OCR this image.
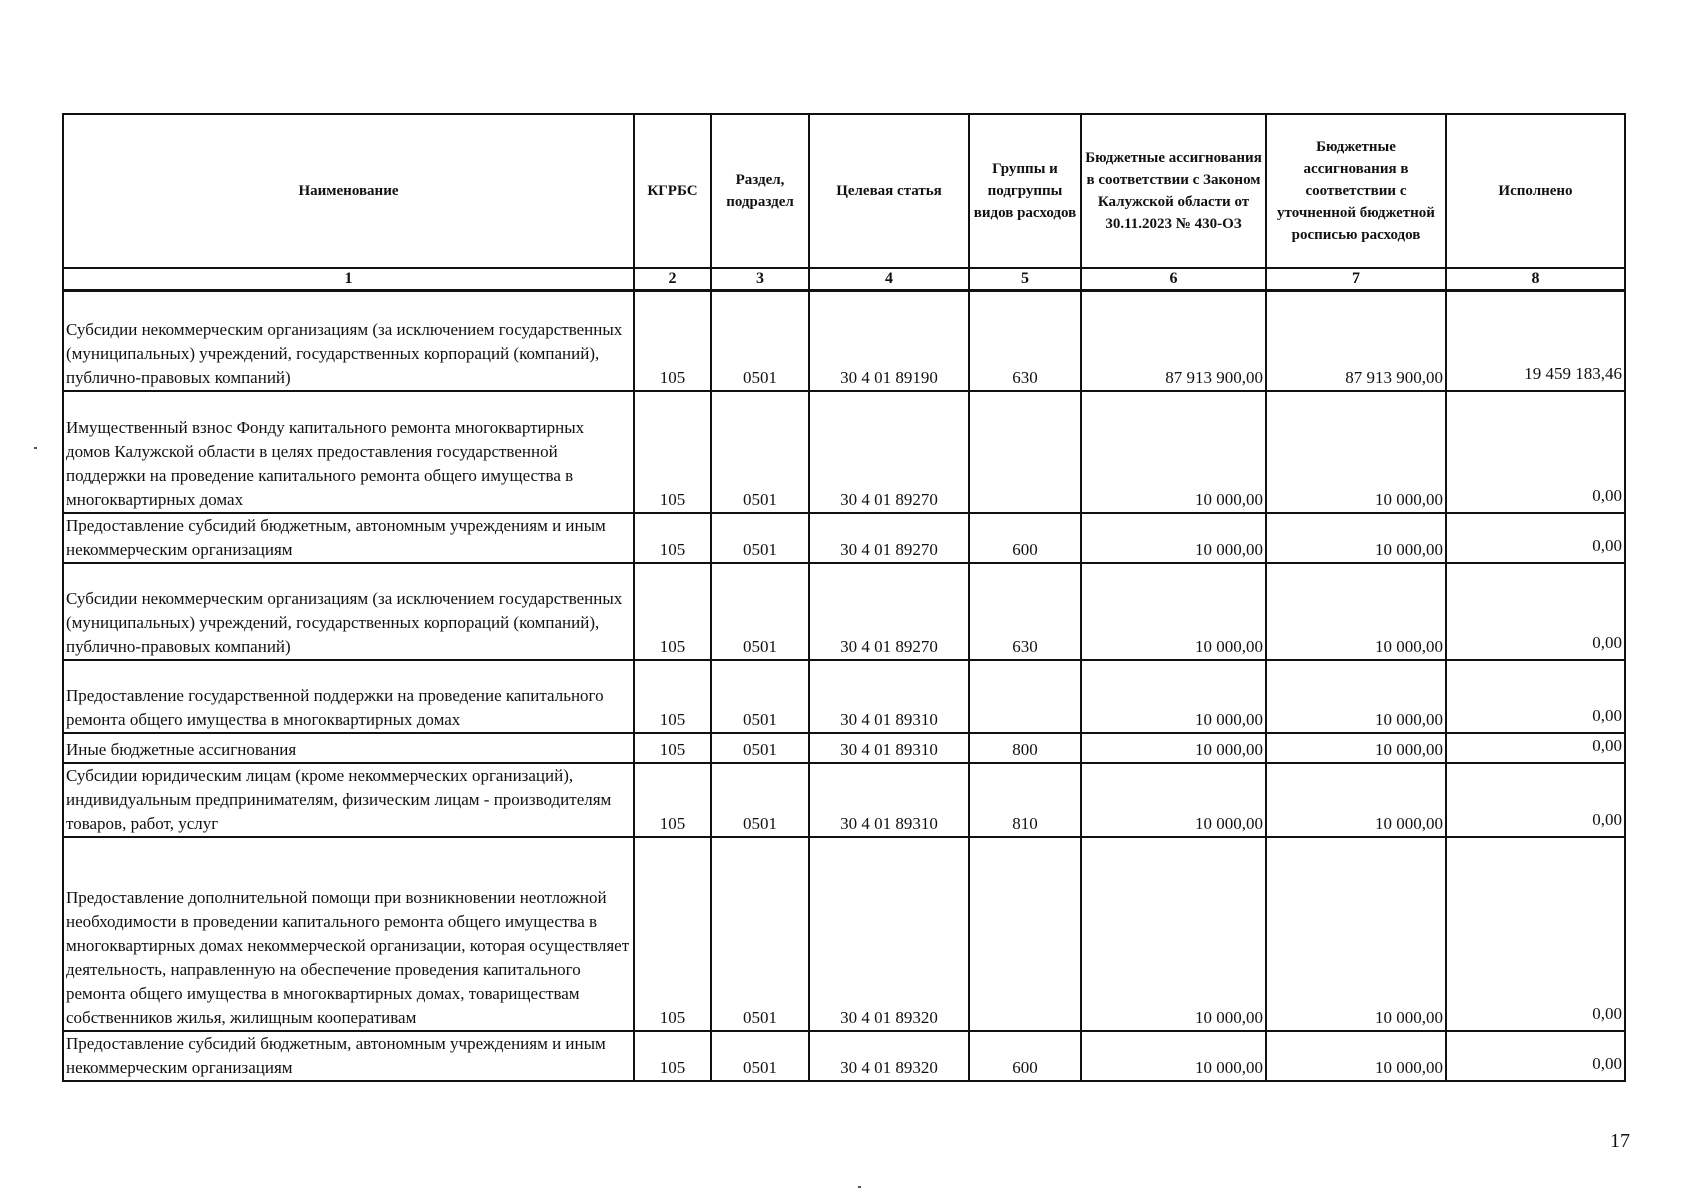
Наименование	КГРБС	Раздел, подраздел	Целевая статья	Группы и подгруппы видов расходов	Бюджетные ассигнования в соответствии с Законом Калужской области от 30.11.2023 № 430-ОЗ	Бюджетные ассигнования в соответствии с уточненной бюджетной росписью расходов	Исполнено
1	2	3	4	5	6	7	8
Субсидии некоммерческим организациям (за исключением государственных (муниципальных) учреждений, государственных корпораций (компаний), публично-правовых компаний)	105	0501	30 4 01 89190	630	87 913 900,00	87 913 900,00	19 459 183,46
Имущественный взнос Фонду капитального ремонта многоквартирных домов Калужской области в целях предоставления государственной поддержки на проведение капитального ремонта общего имущества в многоквартирных домах	105	0501	30 4 01 89270		10 000,00	10 000,00	0,00
Предоставление субсидий бюджетным, автономным учреждениям и иным некоммерческим организациям	105	0501	30 4 01 89270	600	10 000,00	10 000,00	0,00
Субсидии некоммерческим организациям (за исключением государственных (муниципальных) учреждений, государственных корпораций (компаний), публично-правовых компаний)	105	0501	30 4 01 89270	630	10 000,00	10 000,00	0,00
Предоставление государственной поддержки на проведение капитального ремонта общего имущества в многоквартирных домах	105	0501	30 4 01 89310		10 000,00	10 000,00	0,00
Иные бюджетные ассигнования	105	0501	30 4 01 89310	800	10 000,00	10 000,00	0,00
Субсидии юридическим лицам (кроме некоммерческих организаций), индивидуальным предпринимателям, физическим лицам - производителям товаров, работ, услуг	105	0501	30 4 01 89310	810	10 000,00	10 000,00	0,00
Предоставление дополнительной помощи при возникновении неотложной необходимости в проведении капитального ремонта общего имущества в многоквартирных домах некоммерческой организации, которая осуществляет деятельность, направленную на обеспечение проведения капитального ремонта общего имущества в многоквартирных домах, товариществам собственников жилья, жилищным кооперативам	105	0501	30 4 01 89320		10 000,00	10 000,00	0,00
Предоставление субсидий бюджетным, автономным учреждениям и иным некоммерческим организациям	105	0501	30 4 01 89320	600	10 000,00	10 000,00	0,00
17
